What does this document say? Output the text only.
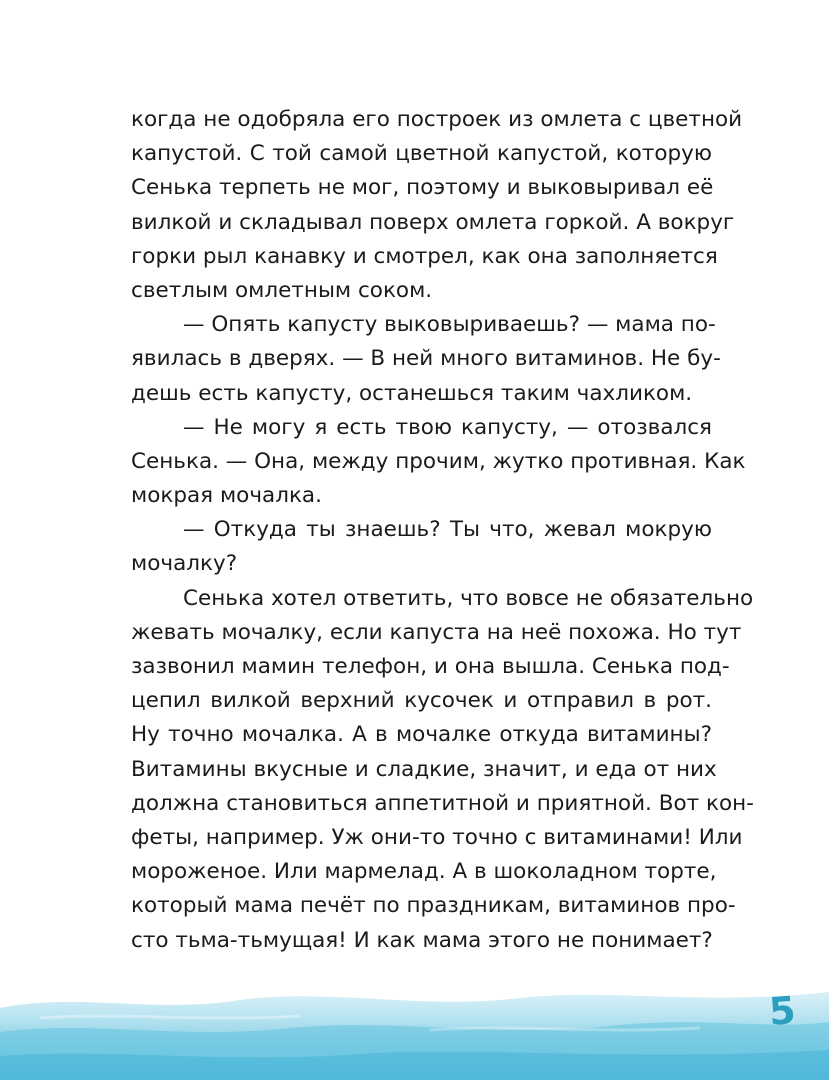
когда не одобряла его построек из омлета с цветной
капустой. С той самой цветной капустой, которую
Сенька терпеть не мог, поэтому и выковыривал её
вилкой и складывал поверх омлета горкой. А вокруг
горки рыл канавку и смотрел, как она заполняется
светлым омлетным соком.
— Опять капусту выковыриваешь? — мама по-
явилась в дверях. — В ней много витаминов. Не бу-
дешь есть капусту, останешься таким чахликом.
— Не могу я есть твою капусту, — отозвался
Сенька. — Она, между прочим, жутко противная. Как
мокрая мочалка.
— Откуда ты знаешь? Ты что, жевал мокрую
мочалку?
Сенька хотел ответить, что вовсе не обязательно
жевать мочалку, если капуста на неё похожа. Но тут
зазвонил мамин телефон, и она вышла. Сенька под-
цепил вилкой верхний кусочек и отправил в рот.
Ну точно мочалка. А в мочалке откуда витамины?
Витамины вкусные и сладкие, значит, и еда от них
должна становиться аппетитной и приятной. Вот кон-
феты, например. Уж они-то точно с витаминами! Или
мороженое. Или мармелад. А в шоколадном торте,
который мама печёт по праздникам, витаминов про-
сто тьма-тьмущая! И как мама этого не понимает?
5
